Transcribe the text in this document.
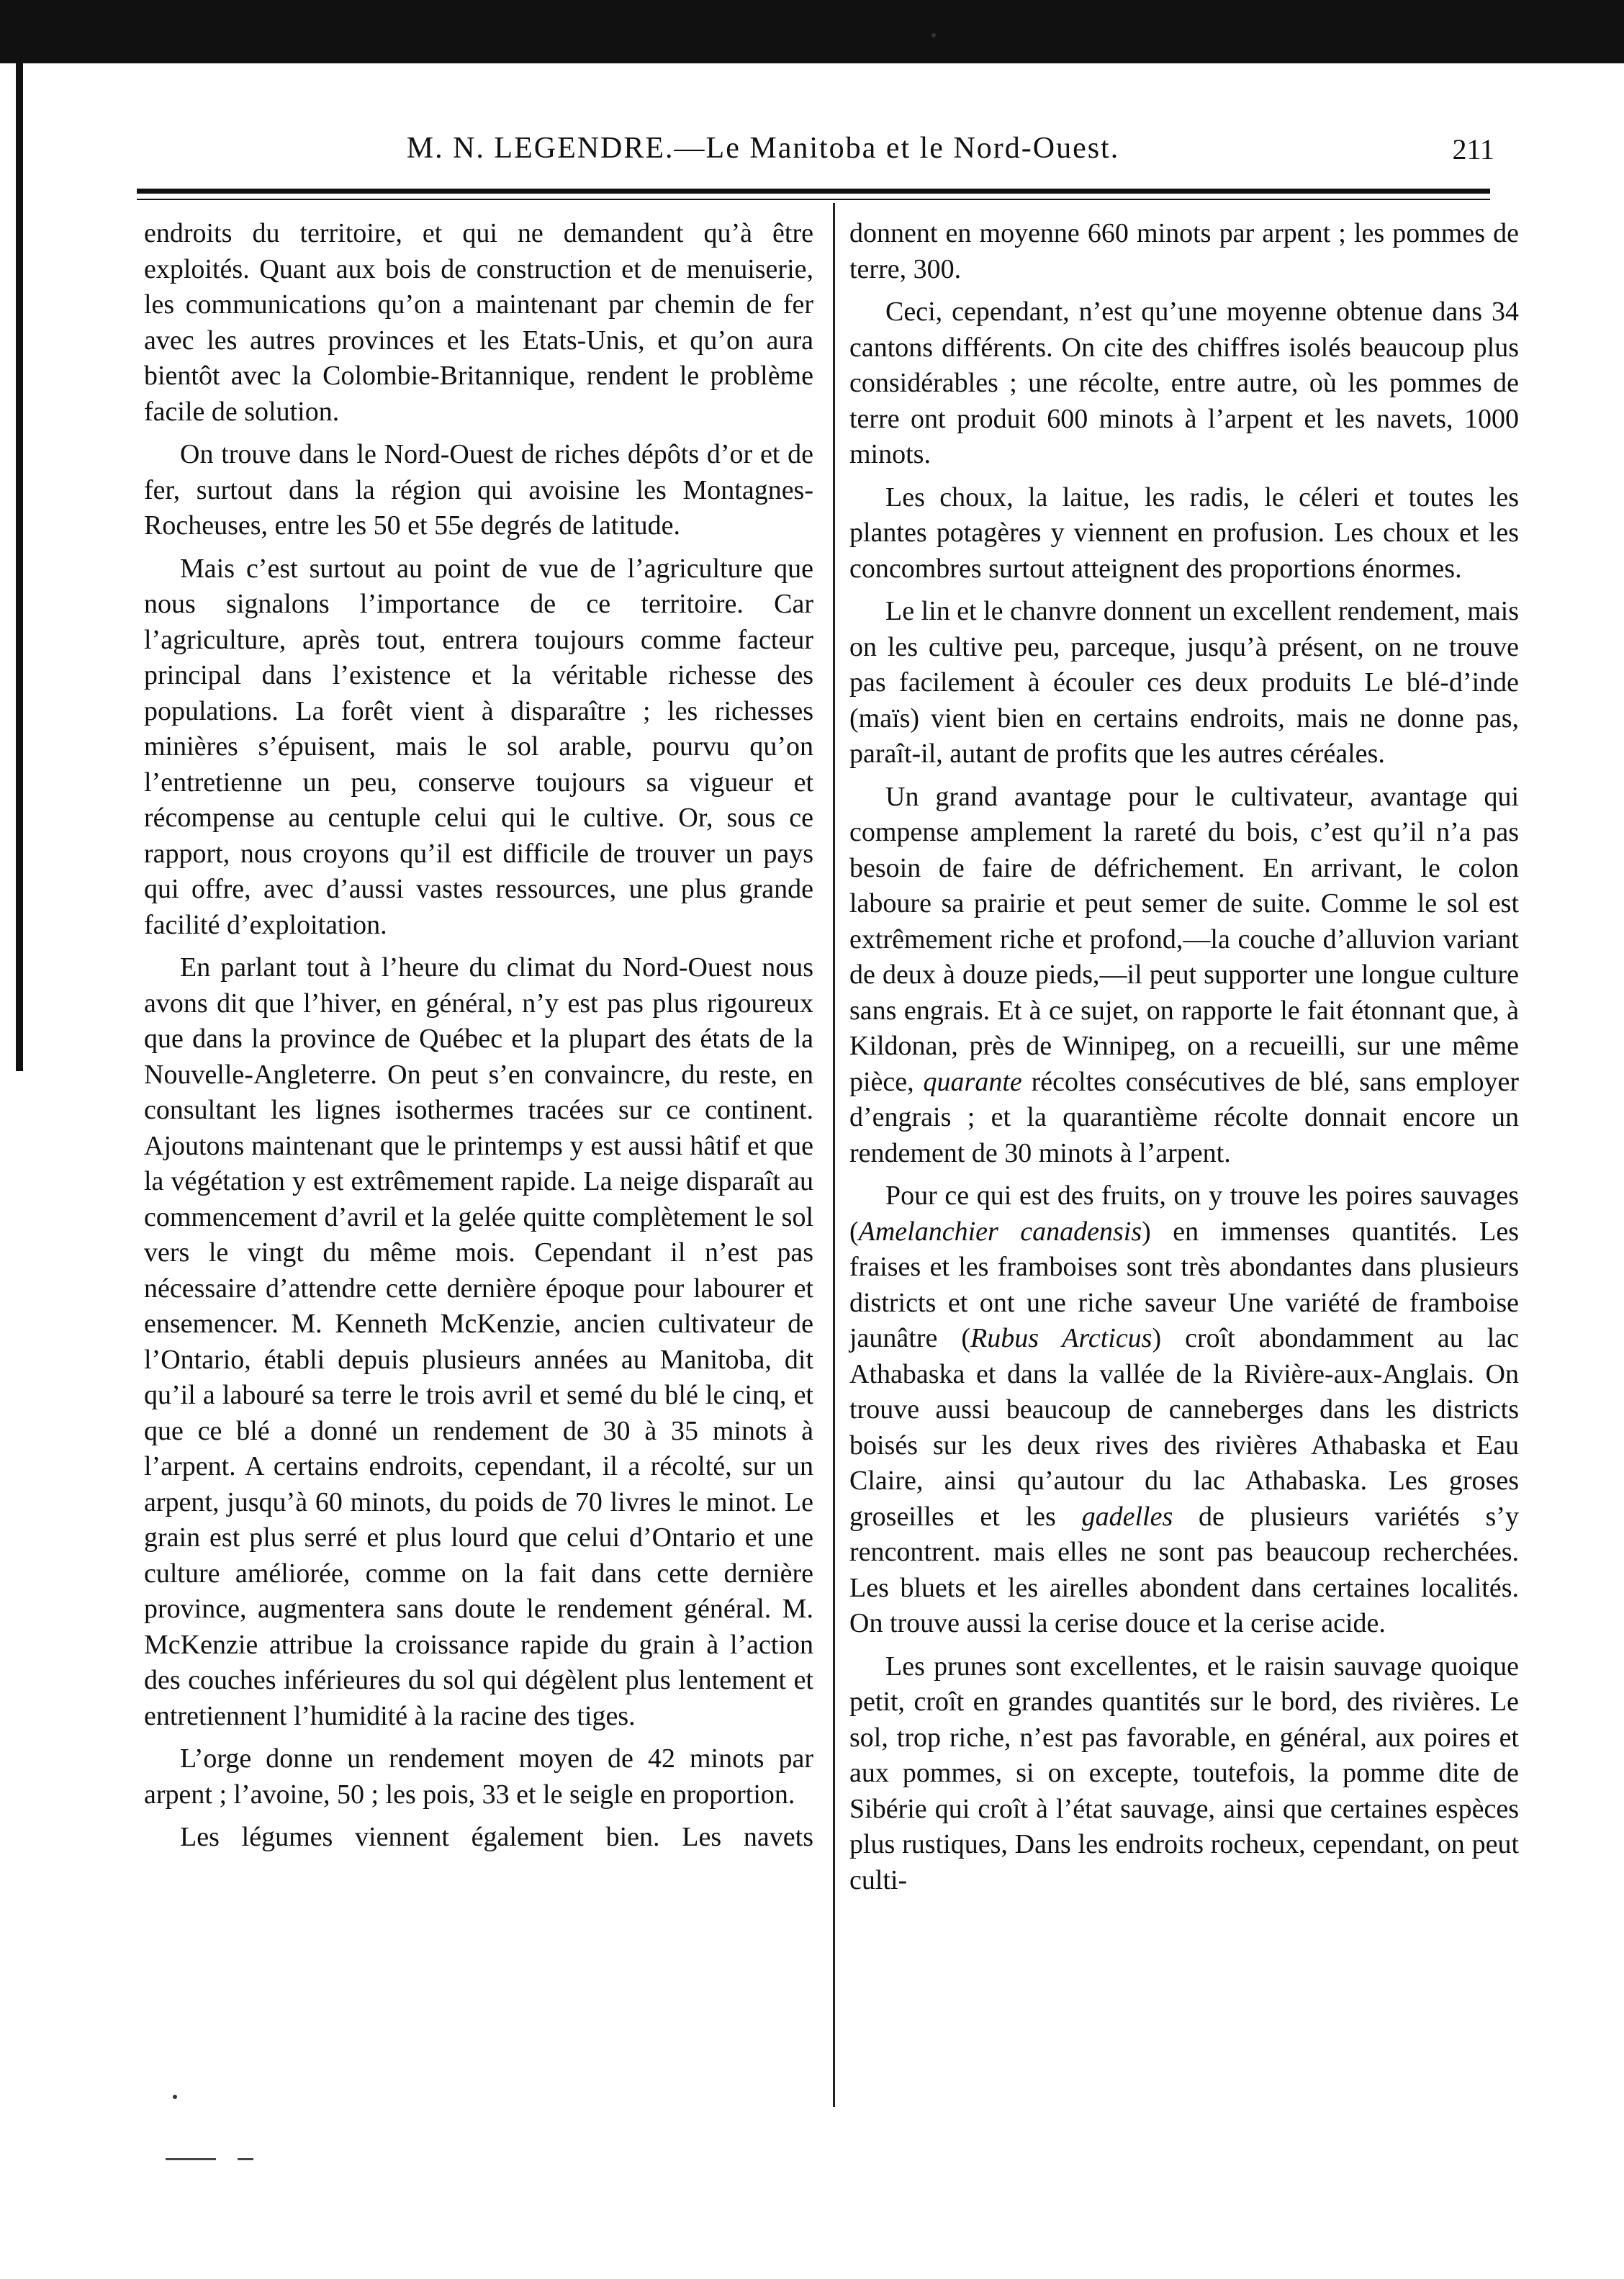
M. N. LEGENDRE.—Le Manitoba et le Nord-Ouest.	211

endroits du territoire, et qui ne demandent qu’à être exploités. Quant aux bois de construction et de menuiserie, les communications qu’on a maintenant par chemin de fer avec les autres provinces et les Etats-Unis, et qu’on aura bientôt avec la Colombie-Britannique, rendent le problème facile de solution.

On trouve dans le Nord-Ouest de riches dépôts d’or et de fer, surtout dans la région qui avoisine les Montagnes-Rocheuses, entre les 50 et 55e degrés de latitude.

Mais c’est surtout au point de vue de l’agriculture que nous signalons l’importance de ce territoire. Car l’agriculture, après tout, entrera toujours comme facteur principal dans l’existence et la véritable richesse des populations. La forêt vient à disparaître ; les richesses minières s’épuisent, mais le sol arable, pourvu qu’on l’entretienne un peu, conserve toujours sa vigueur et récompense au centuple celui qui le cultive. Or, sous ce rapport, nous croyons qu’il est difficile de trouver un pays qui offre, avec d’aussi vastes ressources, une plus grande facilité d’exploitation.

En parlant tout à l’heure du climat du Nord-Ouest nous avons dit que l’hiver, en général, n’y est pas plus rigoureux que dans la province de Québec et la plupart des états de la Nouvelle-Angleterre. On peut s’en convaincre, du reste, en consultant les lignes isothermes tracées sur ce continent. Ajoutons maintenant que le printemps y est aussi hâtif et que la végétation y est extrêmement rapide. La neige disparaît au commencement d’avril et la gelée quitte complètement le sol vers le vingt du même mois. Cependant il n’est pas nécessaire d’attendre cette dernière époque pour labourer et ensemencer. M. Kenneth McKenzie, ancien cultivateur de l’Ontario, établi depuis plusieurs années au Manitoba, dit qu’il a labouré sa terre le trois avril et semé du blé le cinq, et que ce blé a donné un rendement de 30 à 35 minots à l’arpent. A certains endroits, cependant, il a récolté, sur un arpent, jusqu’à 60 minots, du poids de 70 livres le minot. Le grain est plus serré et plus lourd que celui d’Ontario et une culture améliorée, comme on la fait dans cette dernière province, augmentera sans doute le rendement général. M. McKenzie attribue la croissance rapide du grain à l’action des couches inférieures du sol qui dégèlent plus lentement et entretiennent l’humidité à la racine des tiges.

L’orge donne un rendement moyen de 42 minots par arpent ; l’avoine, 50 ; les pois, 33 et le seigle en proportion.

Les légumes viennent également bien. Les navets

donnent en moyenne 660 minots par arpent ; les pommes de terre, 300.

Ceci, cependant, n’est qu’une moyenne obtenue dans 34 cantons différents. On cite des chiffres isolés beaucoup plus considérables ; une récolte, entre autre, où les pommes de terre ont produit 600 minots à l’arpent et les navets, 1000 minots.

Les choux, la laitue, les radis, le céleri et toutes les plantes potagères y viennent en profusion. Les choux et les concombres surtout atteignent des proportions énormes.

Le lin et le chanvre donnent un excellent rendement, mais on les cultive peu, parceque, jusqu’à présent, on ne trouve pas facilement à écouler ces deux produits Le blé-d’inde (maïs) vient bien en certains endroits, mais ne donne pas, paraît-il, autant de profits que les autres céréales.

Un grand avantage pour le cultivateur, avantage qui compense amplement la rareté du bois, c’est qu’il n’a pas besoin de faire de défrichement. En arrivant, le colon laboure sa prairie et peut semer de suite. Comme le sol est extrêmement riche et profond,—la couche d’alluvion variant de deux à douze pieds,—il peut supporter une longue culture sans engrais. Et à ce sujet, on rapporte le fait étonnant que, à Kildonan, près de Winnipeg, on a recueilli, sur une même pièce, quarante récoltes consécutives de blé, sans employer d’engrais ; et la quarantième récolte donnait encore un rendement de 30 minots à l’arpent.

Pour ce qui est des fruits, on y trouve les poires sauvages (Amelanchier canadensis) en immenses quantités. Les fraises et les framboises sont très abondantes dans plusieurs districts et ont une riche saveur Une variété de framboise jaunâtre (Rubus Arcticus) croît abondamment au lac Athabaska et dans la vallée de la Rivière-aux-Anglais. On trouve aussi beaucoup de canneberges dans les districts boisés sur les deux rives des rivières Athabaska et Eau Claire, ainsi qu’autour du lac Athabaska. Les groses groseilles et les gadelles de plusieurs variétés s’y rencontrent. mais elles ne sont pas beaucoup recherchées. Les bluets et les airelles abondent dans certaines localités. On trouve aussi la cerise douce et la cerise acide.

Les prunes sont excellentes, et le raisin sauvage quoique petit, croît en grandes quantités sur le bord, des rivières. Le sol, trop riche, n’est pas favorable, en général, aux poires et aux pommes, si on excepte, toutefois, la pomme dite de Sibérie qui croît à l’état sauvage, ainsi que certaines espèces plus rustiques, Dans les endroits rocheux, cependant, on peut culti-
